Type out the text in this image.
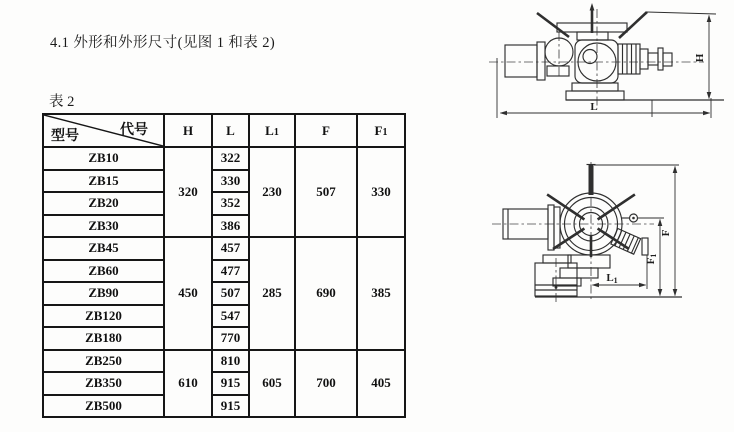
4.1 外形和外形尺寸(见图 1 和表 2)
表 2
型号 代号	H	L	L1	F	F1
ZB10	320	322	230	507	330
ZB15		330			
ZB20		352			
ZB30		386			
ZB45	450	457	285	690	385
ZB60		477			
ZB90		507			
ZB120		547			
ZB180		770			
ZB250	610	810	605	700	405
ZB350		915			
ZB500		915			
H
L
F
F1
L1
